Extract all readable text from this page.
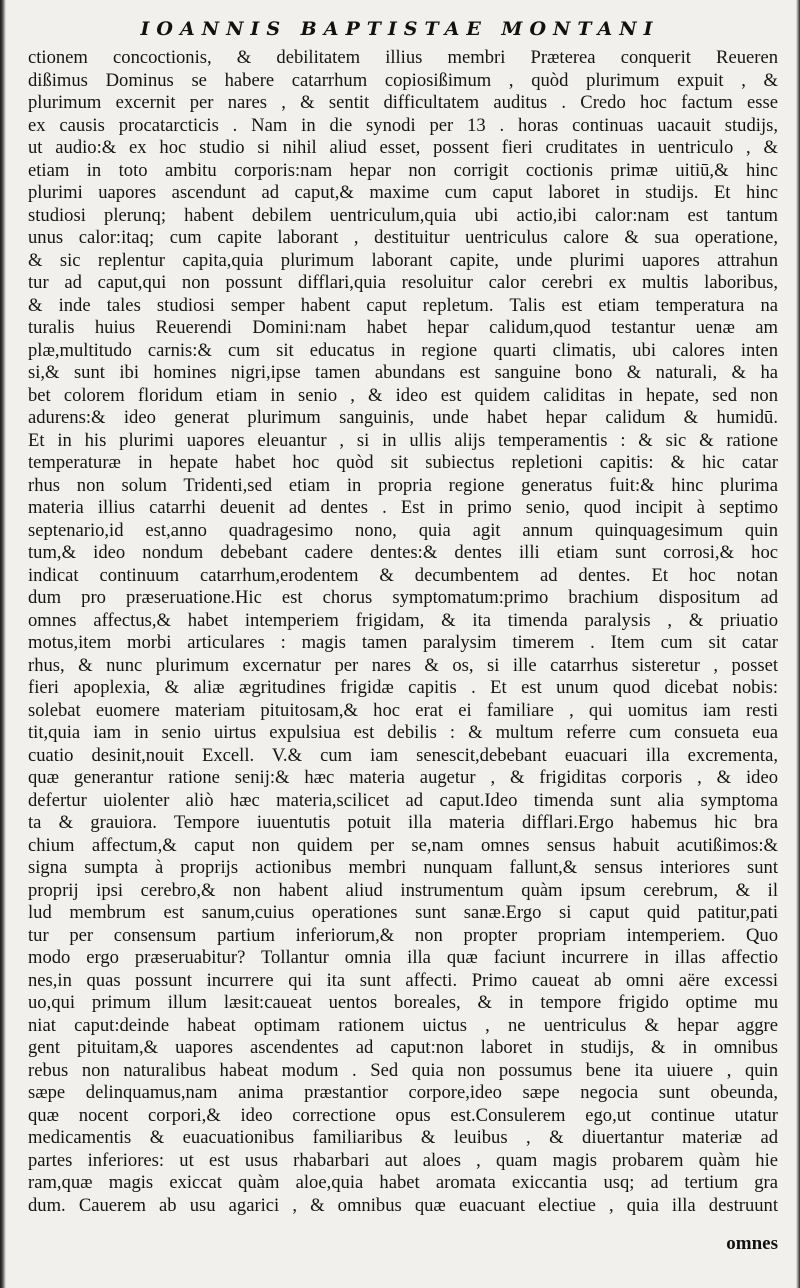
IOANNIS BAPTISTAE MONTANI
ctionem concoctionis, & debilitatem illius membri Præterea conquerit Reueren
dißimus Dominus se habere catarrhum copiosißimum , quòd plurimum expuit , &
plurimum excernit per nares , & sentit difficultatem auditus . Credo hoc factum esse
ex causis procatarcticis . Nam in die synodi per 13 . horas continuas uacauit studijs,
ut audio:& ex hoc studio si nihil aliud esset, possent fieri cruditates in uentriculo , &
etiam in toto ambitu corporis:nam hepar non corrigit coctionis primæ uitiū,& hinc
plurimi uapores ascendunt ad caput,& maxime cum caput laboret in studijs. Et hinc
studiosi plerunq; habent debilem uentriculum,quia ubi actio,ibi calor:nam est tantum
unus calor:itaq; cum capite laborant , destituitur uentriculus calore & sua operatione,
& sic replentur capita,quia plurimum laborant capite, unde plurimi uapores attrahun
tur ad caput,qui non possunt difflari,quia resoluitur calor cerebri ex multis laboribus,
& inde tales studiosi semper habent caput repletum. Talis est etiam temperatura na
turalis huius Reuerendi Domini:nam habet hepar calidum,quod testantur uenæ am
plæ,multitudo carnis:& cum sit educatus in regione quarti climatis, ubi calores inten
si,& sunt ibi homines nigri,ipse tamen abundans est sanguine bono & naturali, & ha
bet colorem floridum etiam in senio , & ideo est quidem caliditas in hepate, sed non
adurens:& ideo generat plurimum sanguinis, unde habet hepar calidum & humidū.
Et in his plurimi uapores eleuantur , si in ullis alijs temperamentis : & sic & ratione
temperaturæ in hepate habet hoc quòd sit subiectus repletioni capitis: & hic catar
rhus non solum Tridenti,sed etiam in propria regione generatus fuit:& hinc plurima
materia illius catarrhi deuenit ad dentes . Est in primo senio, quod incipit à septimo
septenario,id est,anno quadragesimo nono, quia agit annum quinquagesimum quin
tum,& ideo nondum debebant cadere dentes:& dentes illi etiam sunt corrosi,& hoc
indicat continuum catarrhum,erodentem & decumbentem ad dentes. Et hoc notan
dum pro præseruatione.Hic est chorus symptomatum:primo brachium dispositum ad
omnes affectus,& habet intemperiem frigidam, & ita timenda paralysis , & priuatio
motus,item morbi articulares : magis tamen paralysim timerem . Item cum sit catar
rhus, & nunc plurimum excernatur per nares & os, si ille catarrhus sisteretur , posset
fieri apoplexia, & aliæ ægritudines frigidæ capitis . Et est unum quod dicebat nobis:
solebat euomere materiam pituitosam,& hoc erat ei familiare , qui uomitus iam resti
tit,quia iam in senio uirtus expulsiua est debilis : & multum referre cum consueta eua
cuatio desinit,nouit Excell. V.& cum iam senescit,debebant euacuari illa excrementa,
quæ generantur ratione senij:& hæc materia augetur , & frigiditas corporis , & ideo
defertur uiolenter aliò hæc materia,scilicet ad caput.Ideo timenda sunt alia symptoma
ta & grauiora. Tempore iuuentutis potuit illa materia difflari.Ergo habemus hic bra
chium affectum,& caput non quidem per se,nam omnes sensus habuit acutißimos:&
signa sumpta à proprijs actionibus membri nunquam fallunt,& sensus interiores sunt
proprij ipsi cerebro,& non habent aliud instrumentum quàm ipsum cerebrum, & il
lud membrum est sanum,cuius operationes sunt sanæ.Ergo si caput quid patitur,pati
tur per consensum partium inferiorum,& non propter propriam intemperiem. Quo
modo ergo præseruabitur? Tollantur omnia illa quæ faciunt incurrere in illas affectio
nes,in quas possunt incurrere qui ita sunt affecti. Primo caueat ab omni aëre excessi
uo,qui primum illum læsit:caueat uentos boreales, & in tempore frigido optime mu
niat caput:deinde habeat optimam rationem uictus , ne uentriculus & hepar aggre
gent pituitam,& uapores ascendentes ad caput:non laboret in studijs, & in omnibus
rebus non naturalibus habeat modum . Sed quia non possumus bene ita uiuere , quin
sæpe delinquamus,nam anima præstantior corpore,ideo sæpe negocia sunt obeunda,
quæ nocent corpori,& ideo correctione opus est.Consulerem ego,ut continue utatur
medicamentis & euacuationibus familiaribus & leuibus , & diuertantur materiæ ad
partes inferiores: ut est usus rhabarbari aut aloes , quam magis probarem quàm hie
ram,quæ magis exiccat quàm aloe,quia habet aromata exiccantia usq; ad tertium gra
dum. Cauerem ab usu agarici , & omnibus quæ euacuant electiue , quia illa destruunt
omnes
